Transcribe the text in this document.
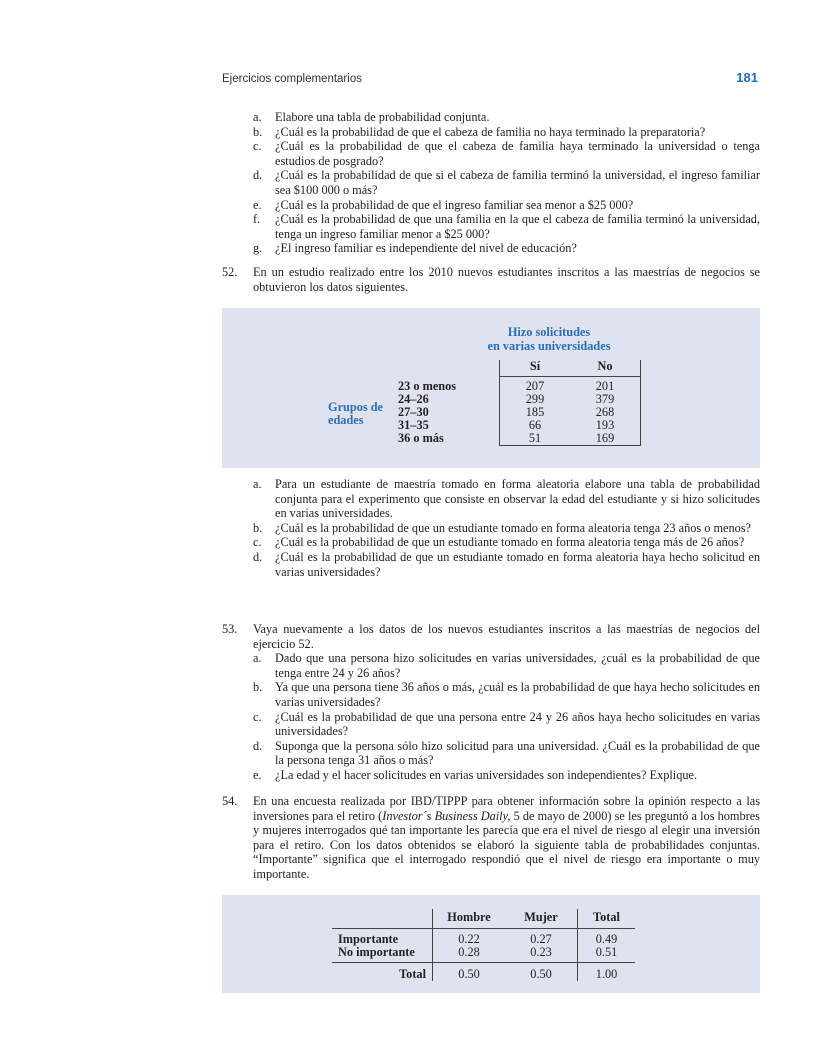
Ejercicios complementarios	181
a.	Elabore una tabla de probabilidad conjunta.
b.	¿Cuál es la probabilidad de que el cabeza de familia no haya terminado la preparatoria?
c.	¿Cuál es la probabilidad de que el cabeza de familia haya terminado la universidad o tenga estudios de posgrado?
d.	¿Cuál es la probabilidad de que si el cabeza de familia terminó la universidad, el ingreso familiar sea $100 000 o más?
e.	¿Cuál es la probabilidad de que el ingreso familiar sea menor a $25 000?
f.	¿Cuál es la probabilidad de que una familia en la que el cabeza de familia terminó la universidad, tenga un ingreso familiar menor a $25 000?
g.	¿El ingreso familiar es independiente del nivel de educación?
52.	En un estudio realizado entre los 2010 nuevos estudiantes inscritos a las maestrías de negocios se obtuvieron los datos siguientes.
Hizo solicitudes
en varias universidades
Grupos de edades
	Sí	No
23 o menos	207	201
24–26	299	379
27–30	185	268
31–35	66	193
36 o más	51	169
a.	Para un estudiante de maestría tomado en forma aleatoria elabore una tabla de probabilidad conjunta para el experimento que consiste en observar la edad del estudiante y si hizo solicitudes en varias universidades.
b.	¿Cuál es la probabilidad de que un estudiante tomado en forma aleatoria tenga 23 años o menos?
c.	¿Cuál es la probabilidad de que un estudiante tomado en forma aleatoria tenga más de 26 años?
d.	¿Cuál es la probabilidad de que un estudiante tomado en forma aleatoria haya hecho solicitud en varias universidades?
53.	Vaya nuevamente a los datos de los nuevos estudiantes inscritos a las maestrías de negocios del ejercicio 52.
a.	Dado que una persona hizo solicitudes en varias universidades, ¿cuál es la probabilidad de que tenga entre 24 y 26 años?
b.	Ya que una persona tiene 36 años o más, ¿cuál es la probabilidad de que haya hecho solicitudes en varias universidades?
c.	¿Cuál es la probabilidad de que una persona entre 24 y 26 años haya hecho solicitudes en varias universidades?
d.	Suponga que la persona sólo hizo solicitud para una universidad. ¿Cuál es la probabilidad de que la persona tenga 31 años o más?
e.	¿La edad y el hacer solicitudes en varias universidades son independientes? Explique.
54.	En una encuesta realizada por IBD/TIPPP para obtener información sobre la opinión respecto a las inversiones para el retiro (Investor´s Business Daily, 5 de mayo de 2000) se les preguntó a los hombres y mujeres interrogados qué tan importante les parecía que era el nivel de riesgo al elegir una inversión para el retiro. Con los datos obtenidos se elaboró la siguiente tabla de probabilidades conjuntas. “Importante” significa que el interrogado respondió que el nivel de riesgo era importante o muy importante.
	Hombre	Mujer	Total
Importante	0.22	0.27	0.49
No importante	0.28	0.23	0.51
Total	0.50	0.50	1.00
